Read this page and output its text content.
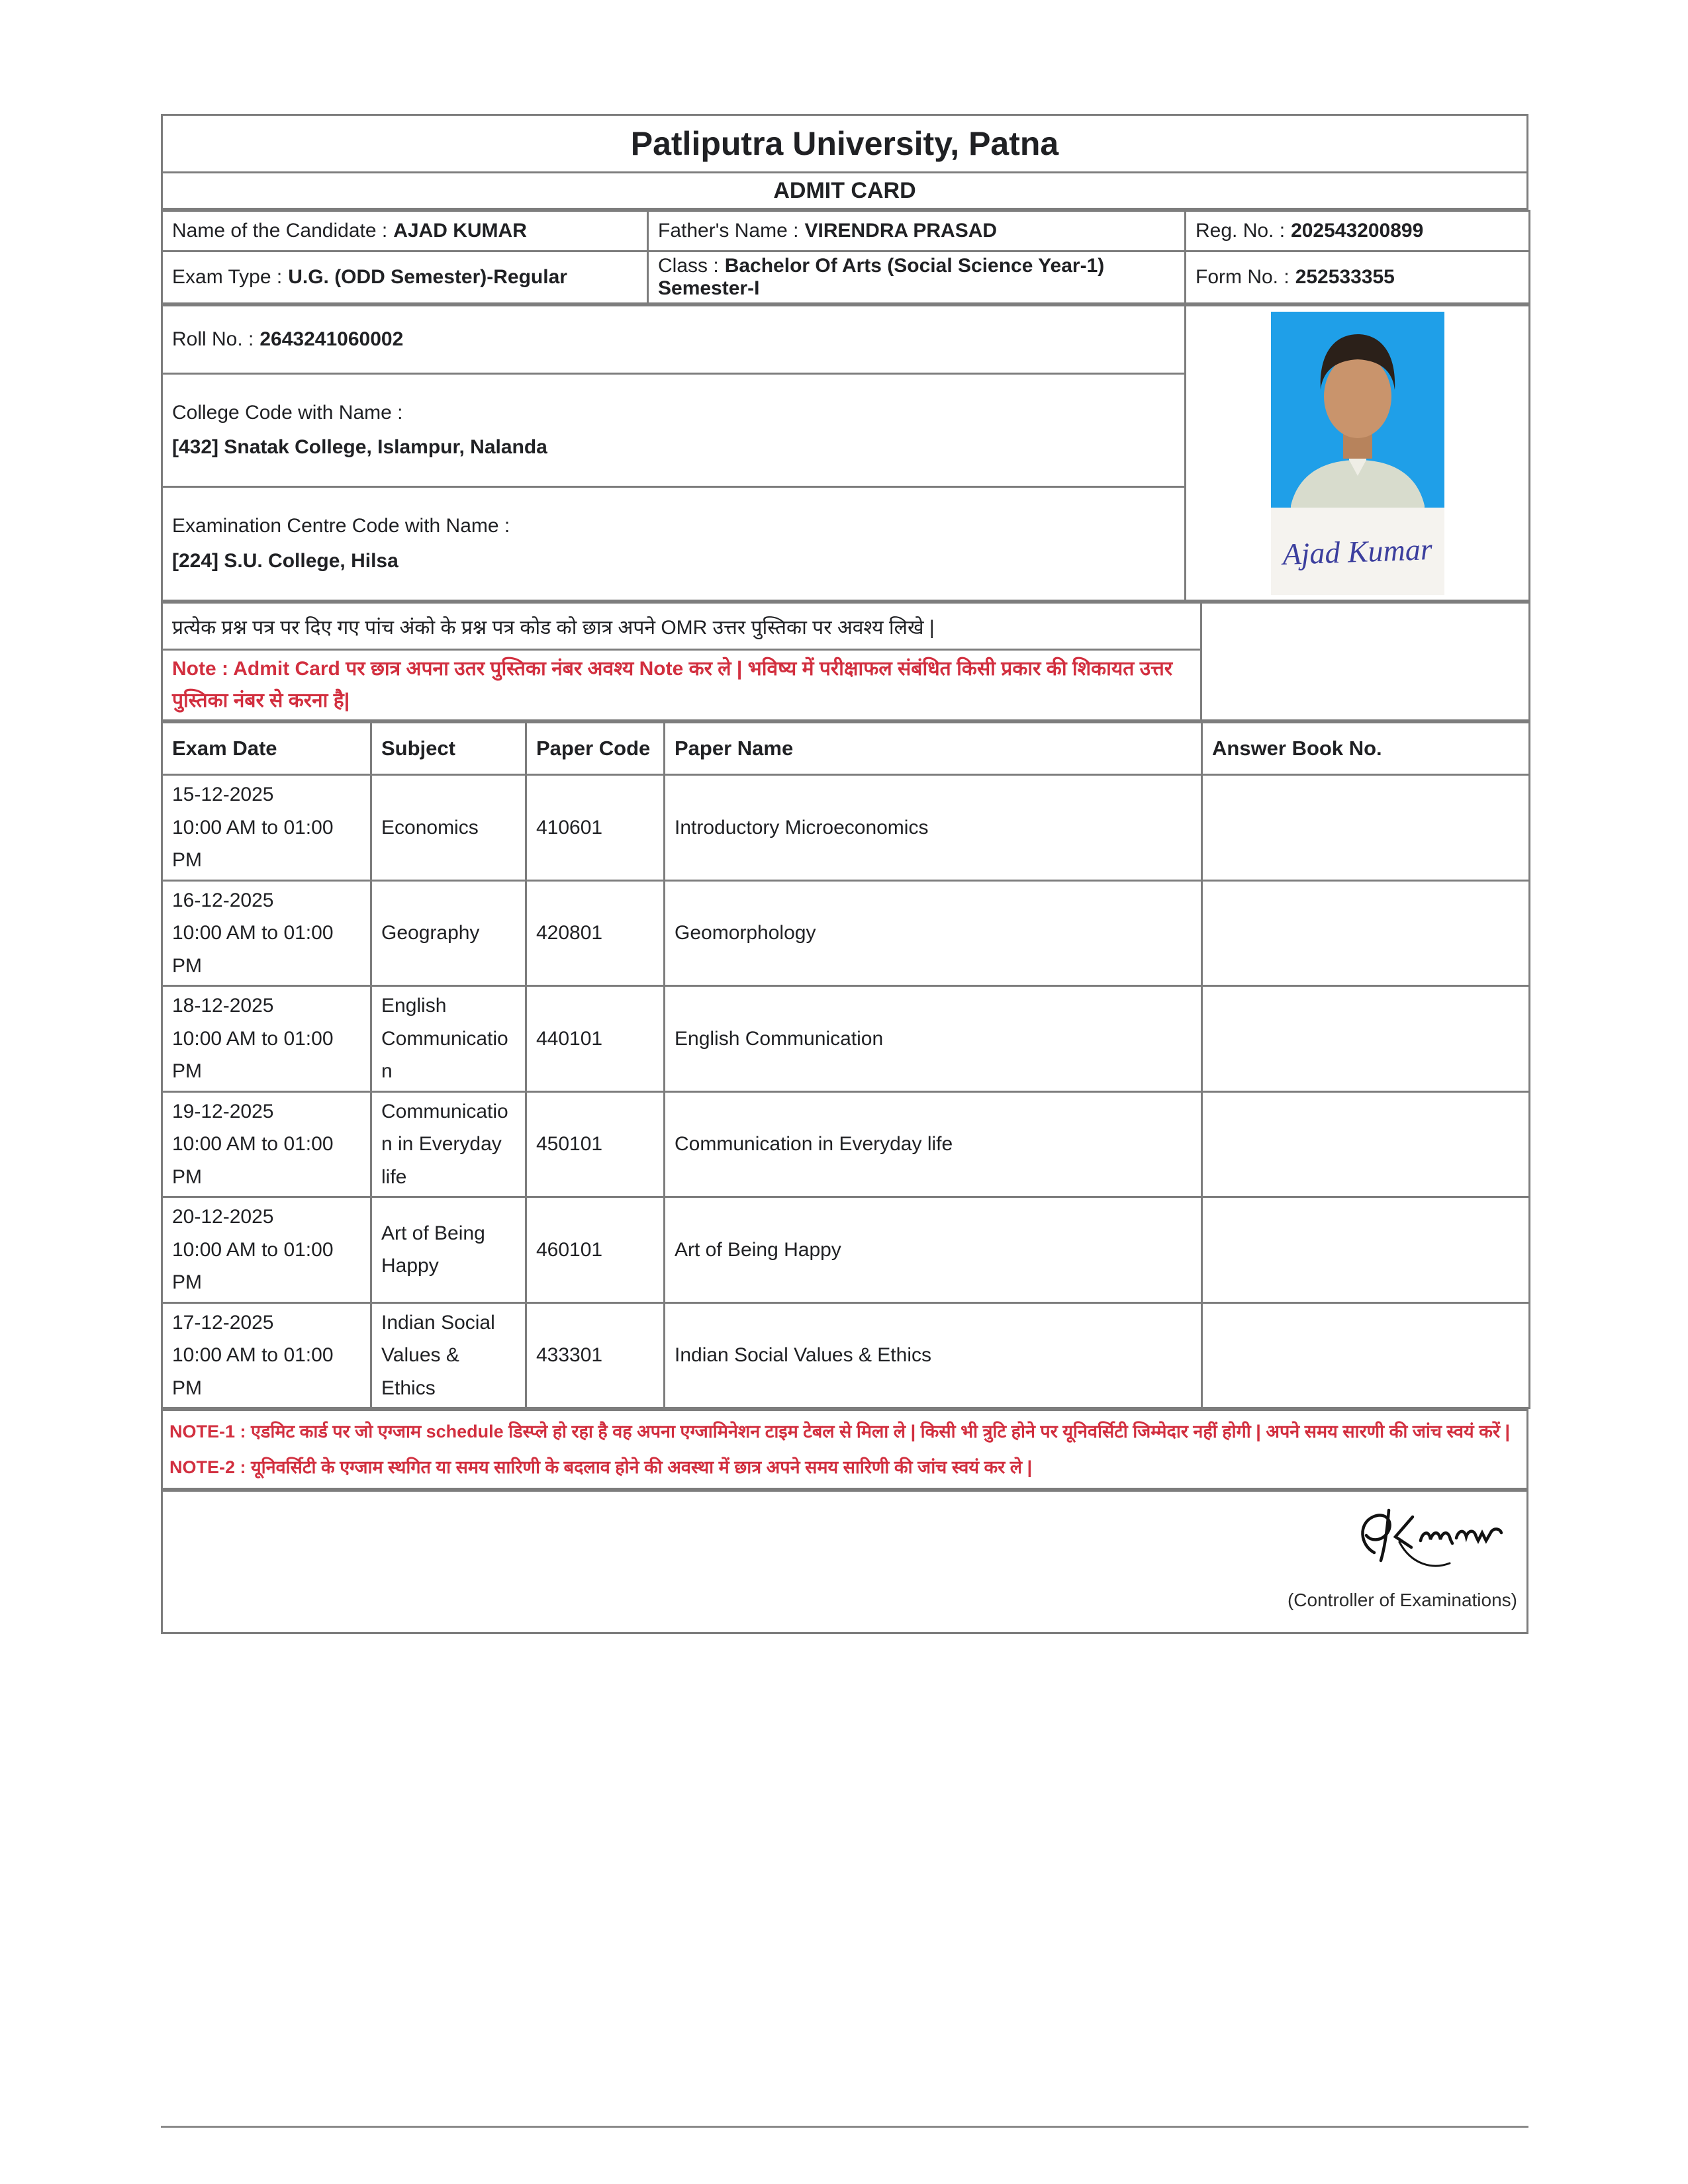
Patliputra University, Patna
ADMIT CARD
Name of the Candidate : AJAD KUMAR	Father's Name : VIRENDRA PRASAD	Reg. No. : 202543200899
Exam Type : U.G. (ODD Semester)-Regular	Class : Bachelor Of Arts (Social Science Year-1) Semester-I	Form No. : 252533355
Roll No. : 2643241060002	
Ajad Kumar

College Code with Name :
[432] Snatak College, Islampur, Nalanda

Examination Centre Code with Name :
[224] S.U. College, Hilsa
प्रत्येक प्रश्न पत्र पर दिए गए पांच अंको के प्रश्न पत्र कोड को छात्र अपने OMR उत्तर पुस्तिका पर अवश्य लिखे |	
Note : Admit Card पर छात्र अपना उतर पुस्तिका नंबर अवश्य Note कर ले | भविष्य में परीक्षाफल संबंधित किसी प्रकार की शिकायत उत्तर पुस्तिका नंबर से करना है|
Exam Date	Subject	Paper Code	Paper Name	Answer Book No.

15-12-2025
10:00 AM to 01:00 PM	Economics	410601	Introductory Microeconomics	

16-12-2025
10:00 AM to 01:00 PM	Geography	420801	Geomorphology	

18-12-2025
10:00 AM to 01:00 PM	English Communication	440101	English Communication	

19-12-2025
10:00 AM to 01:00 PM	Communication in Everyday life	450101	Communication in Everyday life	

20-12-2025
10:00 AM to 01:00 PM	Art of Being Happy	460101	Art of Being Happy	

17-12-2025
10:00 AM to 01:00 PM	Indian Social Values & Ethics	433301	Indian Social Values & Ethics	
NOTE-1 : एडमिट कार्ड पर जो एग्जाम schedule डिस्प्ले हो रहा है वह अपना एग्जामिनेशन टाइम टेबल से मिला ले | किसी भी त्रुटि होने पर यूनिवर्सिटी जिम्मेदार नहीं होगी | अपने समय सारणी की जांच स्वयं करें |
NOTE-2 : यूनिवर्सिटी के एग्जाम स्थगित या समय सारिणी के बदलाव होने की अवस्था में छात्र अपने समय सारिणी की जांच स्वयं कर ले |
(Controller of Examinations)
